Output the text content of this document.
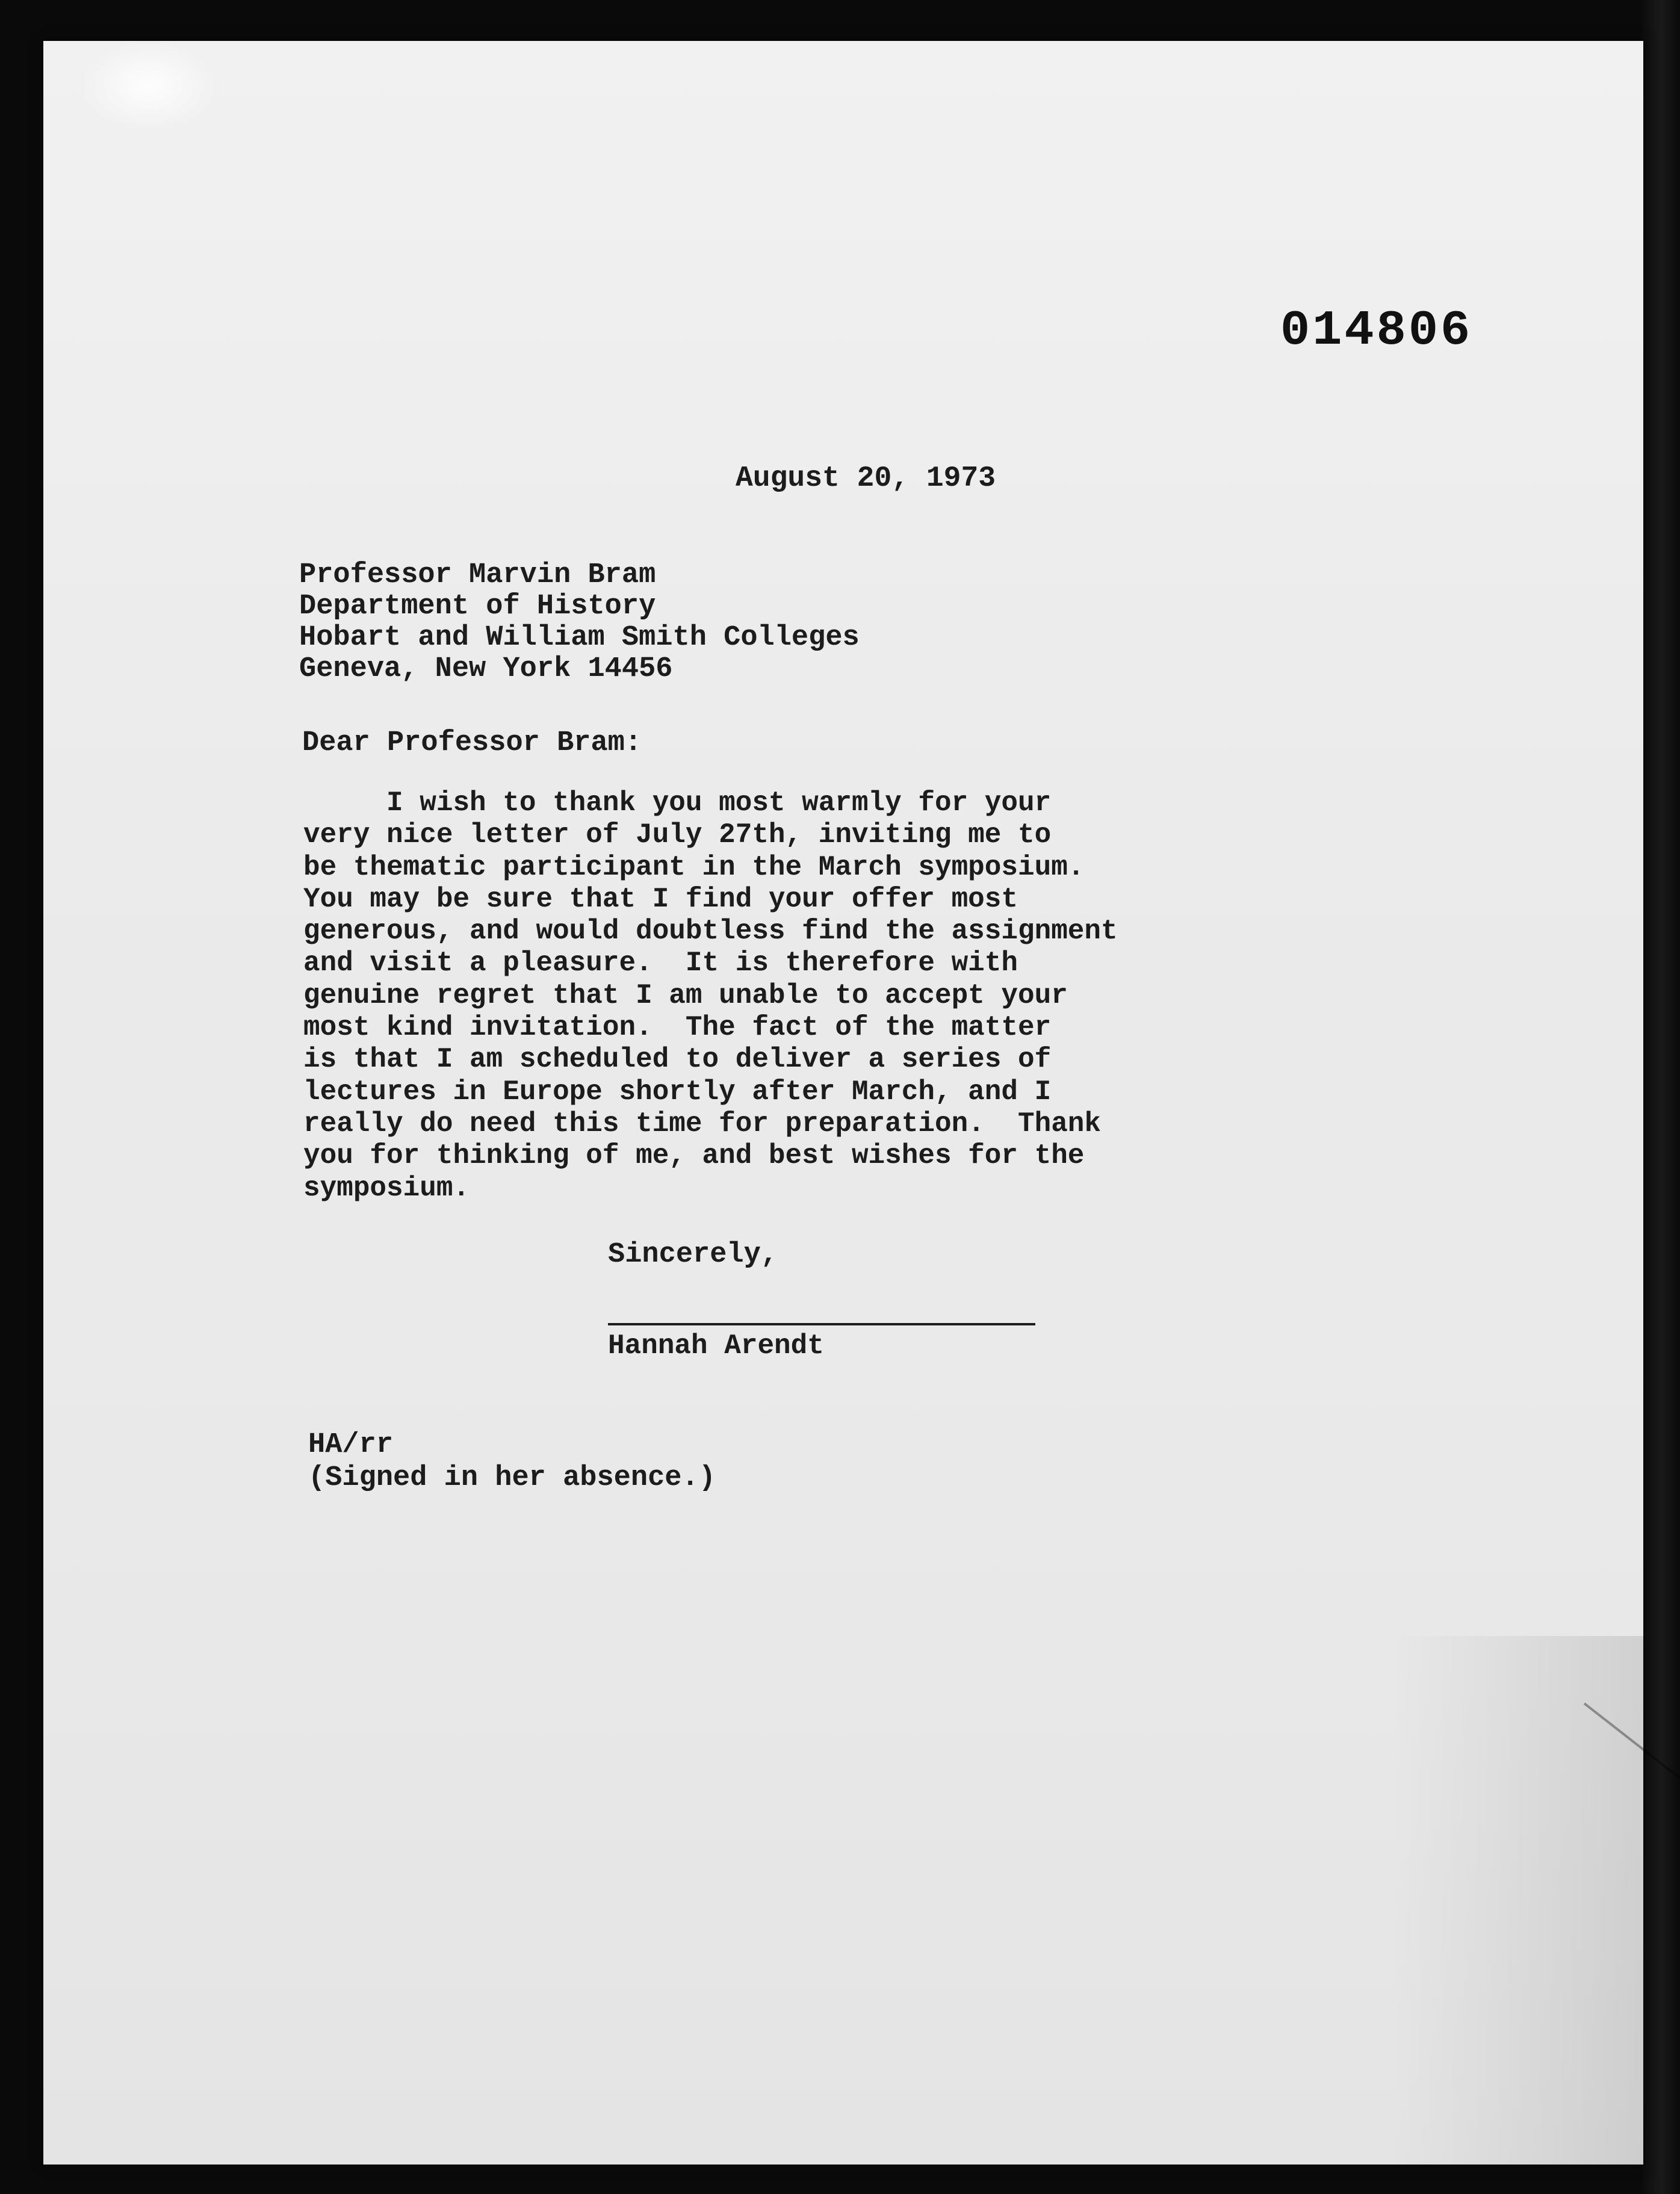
014806
August 20, 1973
Professor Marvin Bram
Department of History
Hobart and William Smith Colleges
Geneva, New York 14456
Dear Professor Bram:
I wish to thank you most warmly for your
very nice letter of July 27th, inviting me to
be thematic participant in the March symposium.
You may be sure that I find your offer most
generous, and would doubtless find the assignment
and visit a pleasure.  It is therefore with
genuine regret that I am unable to accept your
most kind invitation.  The fact of the matter
is that I am scheduled to deliver a series of
lectures in Europe shortly after March, and I
really do need this time for preparation.  Thank
you for thinking of me, and best wishes for the
symposium.
Sincerely,
Hannah Arendt
HA/rr
(Signed in her absence.)
